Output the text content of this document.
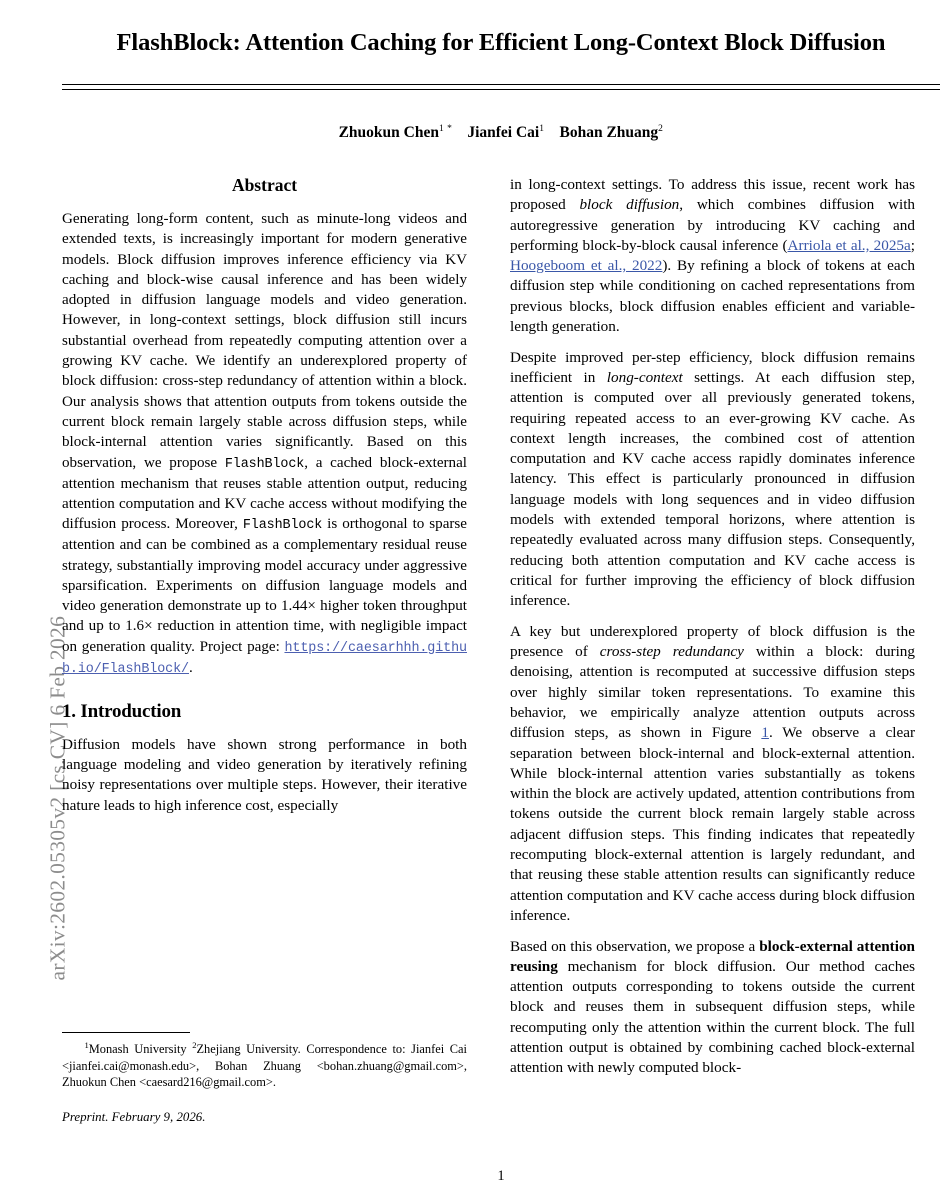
arXiv:2602.05305v2 [cs.CV] 6 Feb 2026
FlashBlock: Attention Caching for Efficient Long-Context Block Diffusion
Zhuokun Chen$^{1 *}$ Jianfei Cai$^1$ Bohan Zhuang$^2$
Abstract

Generating long-form content, such as minute-long videos and extended texts, is increasingly important for modern generative models. Block diffusion improves inference efficiency via KV caching and block-wise causal inference and has been widely adopted in diffusion language models and video generation. However, in long-context settings, block diffusion still incurs substantial overhead from repeatedly computing attention over a growing KV cache. We identify an underexplored property of block diffusion: cross-step redundancy of attention within a block. Our analysis shows that attention outputs from tokens outside the current block remain largely stable across diffusion steps, while block-internal attention varies significantly. Based on this observation, we propose FlashBlock, a cached block-external attention mechanism that reuses stable attention output, reducing attention computation and KV cache access without modifying the diffusion process. Moreover, FlashBlock is orthogonal to sparse attention and can be combined as a complementary residual reuse strategy, substantially improving model accuracy under aggressive sparsification. Experiments on diffusion language models and video generation demonstrate up to 1.44× higher token throughput and up to 1.6× reduction in attention time, with negligible impact on generation quality. Project page: https://caesarhhh.github.io/FlashBlock/.

1. Introduction

Diffusion models have shown strong performance in both language modeling and video generation by iteratively refining noisy representations over multiple steps. However, their iterative nature leads to high inference cost, especially

in long-context settings. To address this issue, recent work has proposed block diffusion, which combines diffusion with autoregressive generation by introducing KV caching and performing block-by-block causal inference (Arriola et al., 2025a; Hoogeboom et al., 2022). By refining a block of tokens at each diffusion step while conditioning on cached representations from previous blocks, block diffusion enables efficient and variable-length generation.

Despite improved per-step efficiency, block diffusion remains inefficient in long-context settings. At each diffusion step, attention is computed over all previously generated tokens, requiring repeated access to an ever-growing KV cache. As context length increases, the combined cost of attention computation and KV cache access rapidly dominates inference latency. This effect is particularly pronounced in diffusion language models with long sequences and in video diffusion models with extended temporal horizons, where attention is repeatedly evaluated across many diffusion steps. Consequently, reducing both attention computation and KV cache access is critical for further improving the efficiency of block diffusion inference.

A key but underexplored property of block diffusion is the presence of cross-step redundancy within a block: during denoising, attention is recomputed at successive diffusion steps over highly similar token representations. To examine this behavior, we empirically analyze attention outputs across diffusion steps, as shown in Figure 1. We observe a clear separation between block-internal and block-external attention. While block-internal attention varies substantially as tokens within the block are actively updated, attention contributions from tokens outside the current block remain largely stable across adjacent diffusion steps. This finding indicates that repeatedly recomputing block-external attention is largely redundant, and that reusing these stable attention results can significantly reduce attention computation and KV cache access during block diffusion inference.

Based on this observation, we propose a block-external attention reusing mechanism for block diffusion. Our method caches attention outputs corresponding to tokens outside the current block and reuses them in subsequent diffusion steps, while recomputing only the attention within the current block. The full attention output is obtained by combining cached block-external attention with newly computed block-

$^1$Monash University $^2$Zhejiang University. Correspondence to: Jianfei Cai <jianfei.cai@monash.edu>, Bohan Zhuang <bohan.zhuang@gmail.com>, Zhuokun Chen <caesard216@gmail.com>.

Preprint. February 9, 2026.

1
